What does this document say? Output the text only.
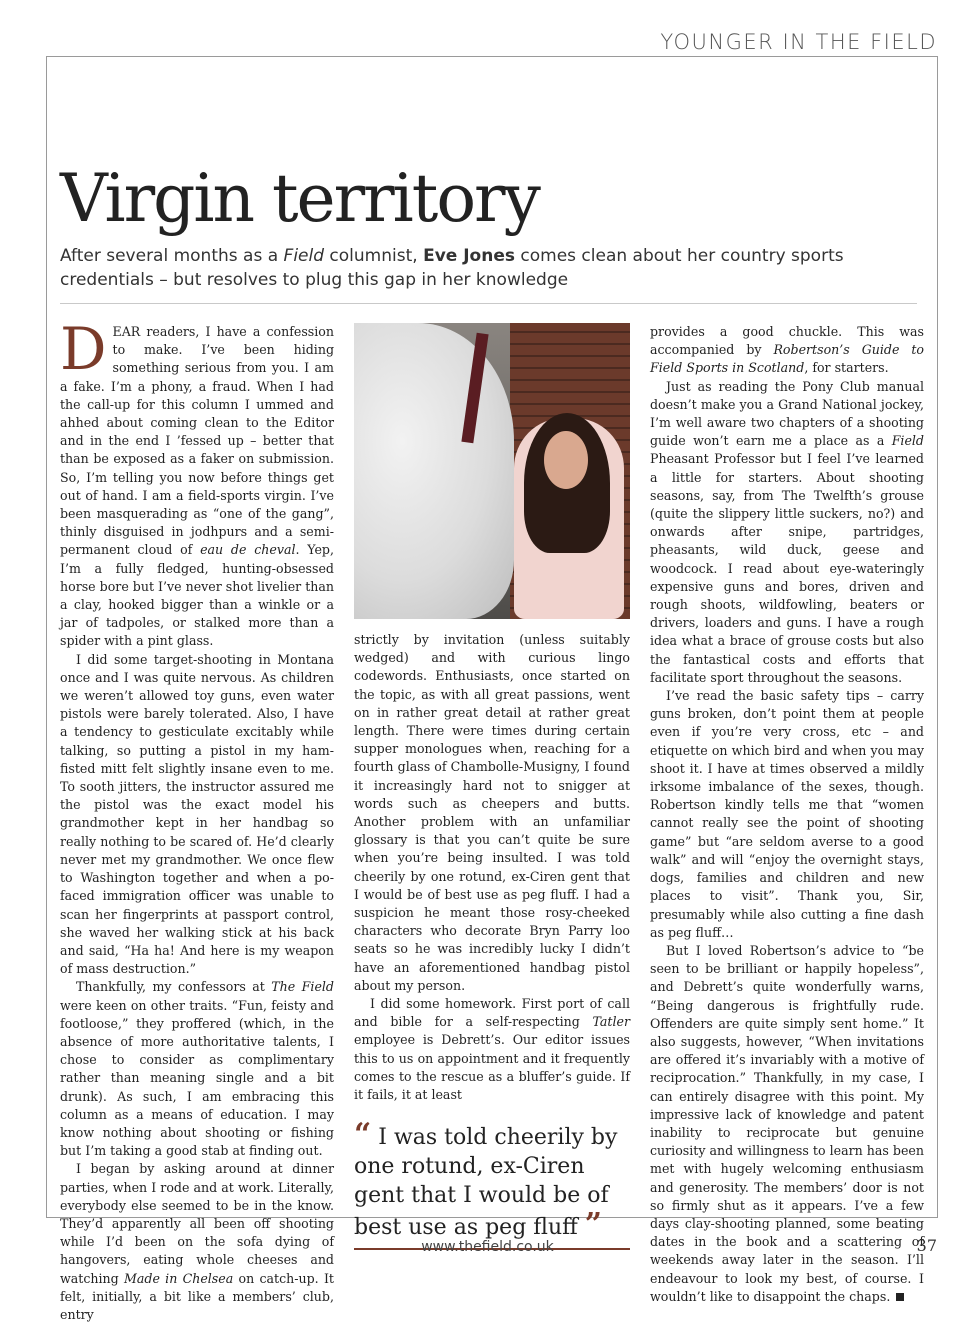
YOUNGER IN THE FIELD
Virgin territory

After several months as a Field columnist, Eve Jones comes clean about her country sports credentials – but resolves to plug this gap in her knowledge

DEAR readers, I have a confession to make. I’ve been hiding something serious from you. I am a fake. I’m a phony, a fraud. When I had the call-up for this column I ummed and ahhed about coming clean to the Editor and in the end I ’fessed up – better that than be exposed as a faker on submission. So, I’m telling you now before things get out of hand. I am a field-sports virgin. I’ve been masquerading as “one of the gang”, thinly disguised in jodhpurs and a semi-permanent cloud of eau de cheval. Yep, I’m a fully fledged, hunting-obsessed horse bore but I’ve never shot livelier than a clay, hooked bigger than a winkle or a jar of tadpoles, or stalked more than a spider with a pint glass.

I did some target-shooting in Montana once and I was quite nervous. As children we weren’t allowed toy guns, even water pistols were barely tolerated. Also, I have a tendency to gesticulate excitably while talking, so putting a pistol in my ham-fisted mitt felt slightly insane even to me. To sooth jitters, the instructor assured me the pistol was the exact model his grandmother kept in her handbag so really nothing to be scared of. He’d clearly never met my grandmother. We once flew to Washington together and when a po-faced immigration officer was unable to scan her fingerprints at passport control, she waved her walking stick at his back and said, “Ha ha! And here is my weapon of mass destruction.”

Thankfully, my confessors at The Field were keen on other traits. “Fun, feisty and footloose,” they proffered (which, in the absence of more authoritative talents, I chose to consider as complimentary rather than meaning single and a bit drunk). As such, I am embracing this column as a means of education. I may know nothing about shooting or fishing but I’m taking a good stab at finding out.

I began by asking around at dinner parties, when I rode and at work. Literally, everybody else seemed to be in the know. They’d apparently all been off shooting while I’d been on the sofa dying of hangovers, eating whole cheeses and watching Made in Chelsea on catch-up. It felt, initially, a bit like a members’ club, entry

strictly by invitation (unless suitably wedged) and with curious lingo codewords. Enthusiasts, once started on the topic, as with all great passions, went on in rather great detail at rather great length. There were times during certain supper monologues when, reaching for a fourth glass of Chambolle-Musigny, I found it increasingly hard not to snigger at words such as cheepers and butts. Another problem with an unfamiliar glossary is that you can’t quite be sure when you’re being insulted. I was told cheerily by one rotund, ex-Ciren gent that I would be of best use as peg fluff. I had a suspicion he meant those rosy-cheeked characters who decorate Bryn Parry loo seats so he was incredibly lucky I didn’t have an aforementioned handbag pistol about my person.

I did some homework. First port of call and bible for a self-respecting Tatler employee is Debrett’s. Our editor issues this to us on appointment and it frequently comes to the rescue as a bluffer’s guide. If it fails, it at least

“ I was told cheerily by one rotund, ex-Ciren gent that I would be of best use as peg fluff ”

provides a good chuckle. This was accompanied by Robertson’s Guide to Field Sports in Scotland, for starters.

Just as reading the Pony Club manual doesn’t make you a Grand National jockey, I’m well aware two chapters of a shooting guide won’t earn me a place as a Field Pheasant Professor but I feel I’ve learned a little for starters. About shooting seasons, say, from The Twelfth’s grouse (quite the slippery little suckers, no?) and onwards after snipe, partridges, pheasants, wild duck, geese and woodcock. I read about eye-wateringly expensive guns and bores, driven and rough shoots, wildfowling, beaters or drivers, loaders and guns. I have a rough idea what a brace of grouse costs but also the fantastical costs and efforts that facilitate sport throughout the seasons.

I’ve read the basic safety tips – carry guns broken, don’t point them at people even if you’re very cross, etc – and etiquette on which bird and when you may shoot it. I have at times observed a mildly irksome imbalance of the sexes, though. Robertson kindly tells me that “women cannot really see the point of shooting game” but “are seldom averse to a good walk” and will “enjoy the overnight stays, dogs, families and children and new places to visit”. Thank you, Sir, presumably while also cutting a fine dash as peg fluff…

But I loved Robertson’s advice to “be seen to be brilliant or happily hopeless”, and Debrett’s quite wonderfully warns, “Being dangerous is frightfully rude. Offenders are quite simply sent home.” It also suggests, however, “When invitations are offered it’s invariably with a motive of reciprocation.” Thankfully, in my case, I can entirely disagree with this point. My impressive lack of knowledge and patent inability to reciprocate but genuine curiosity and willingness to learn has been met with hugely welcoming enthusiasm and generosity. The members’ door is not so firmly shut as it appears. I’ve a few days clay-shooting planned, some beating dates in the book and a scattering of weekends away later in the season. I’ll endeavour to look my best, of course. I wouldn’t like to disappoint the chaps.

www.thefield.co.uk	37
